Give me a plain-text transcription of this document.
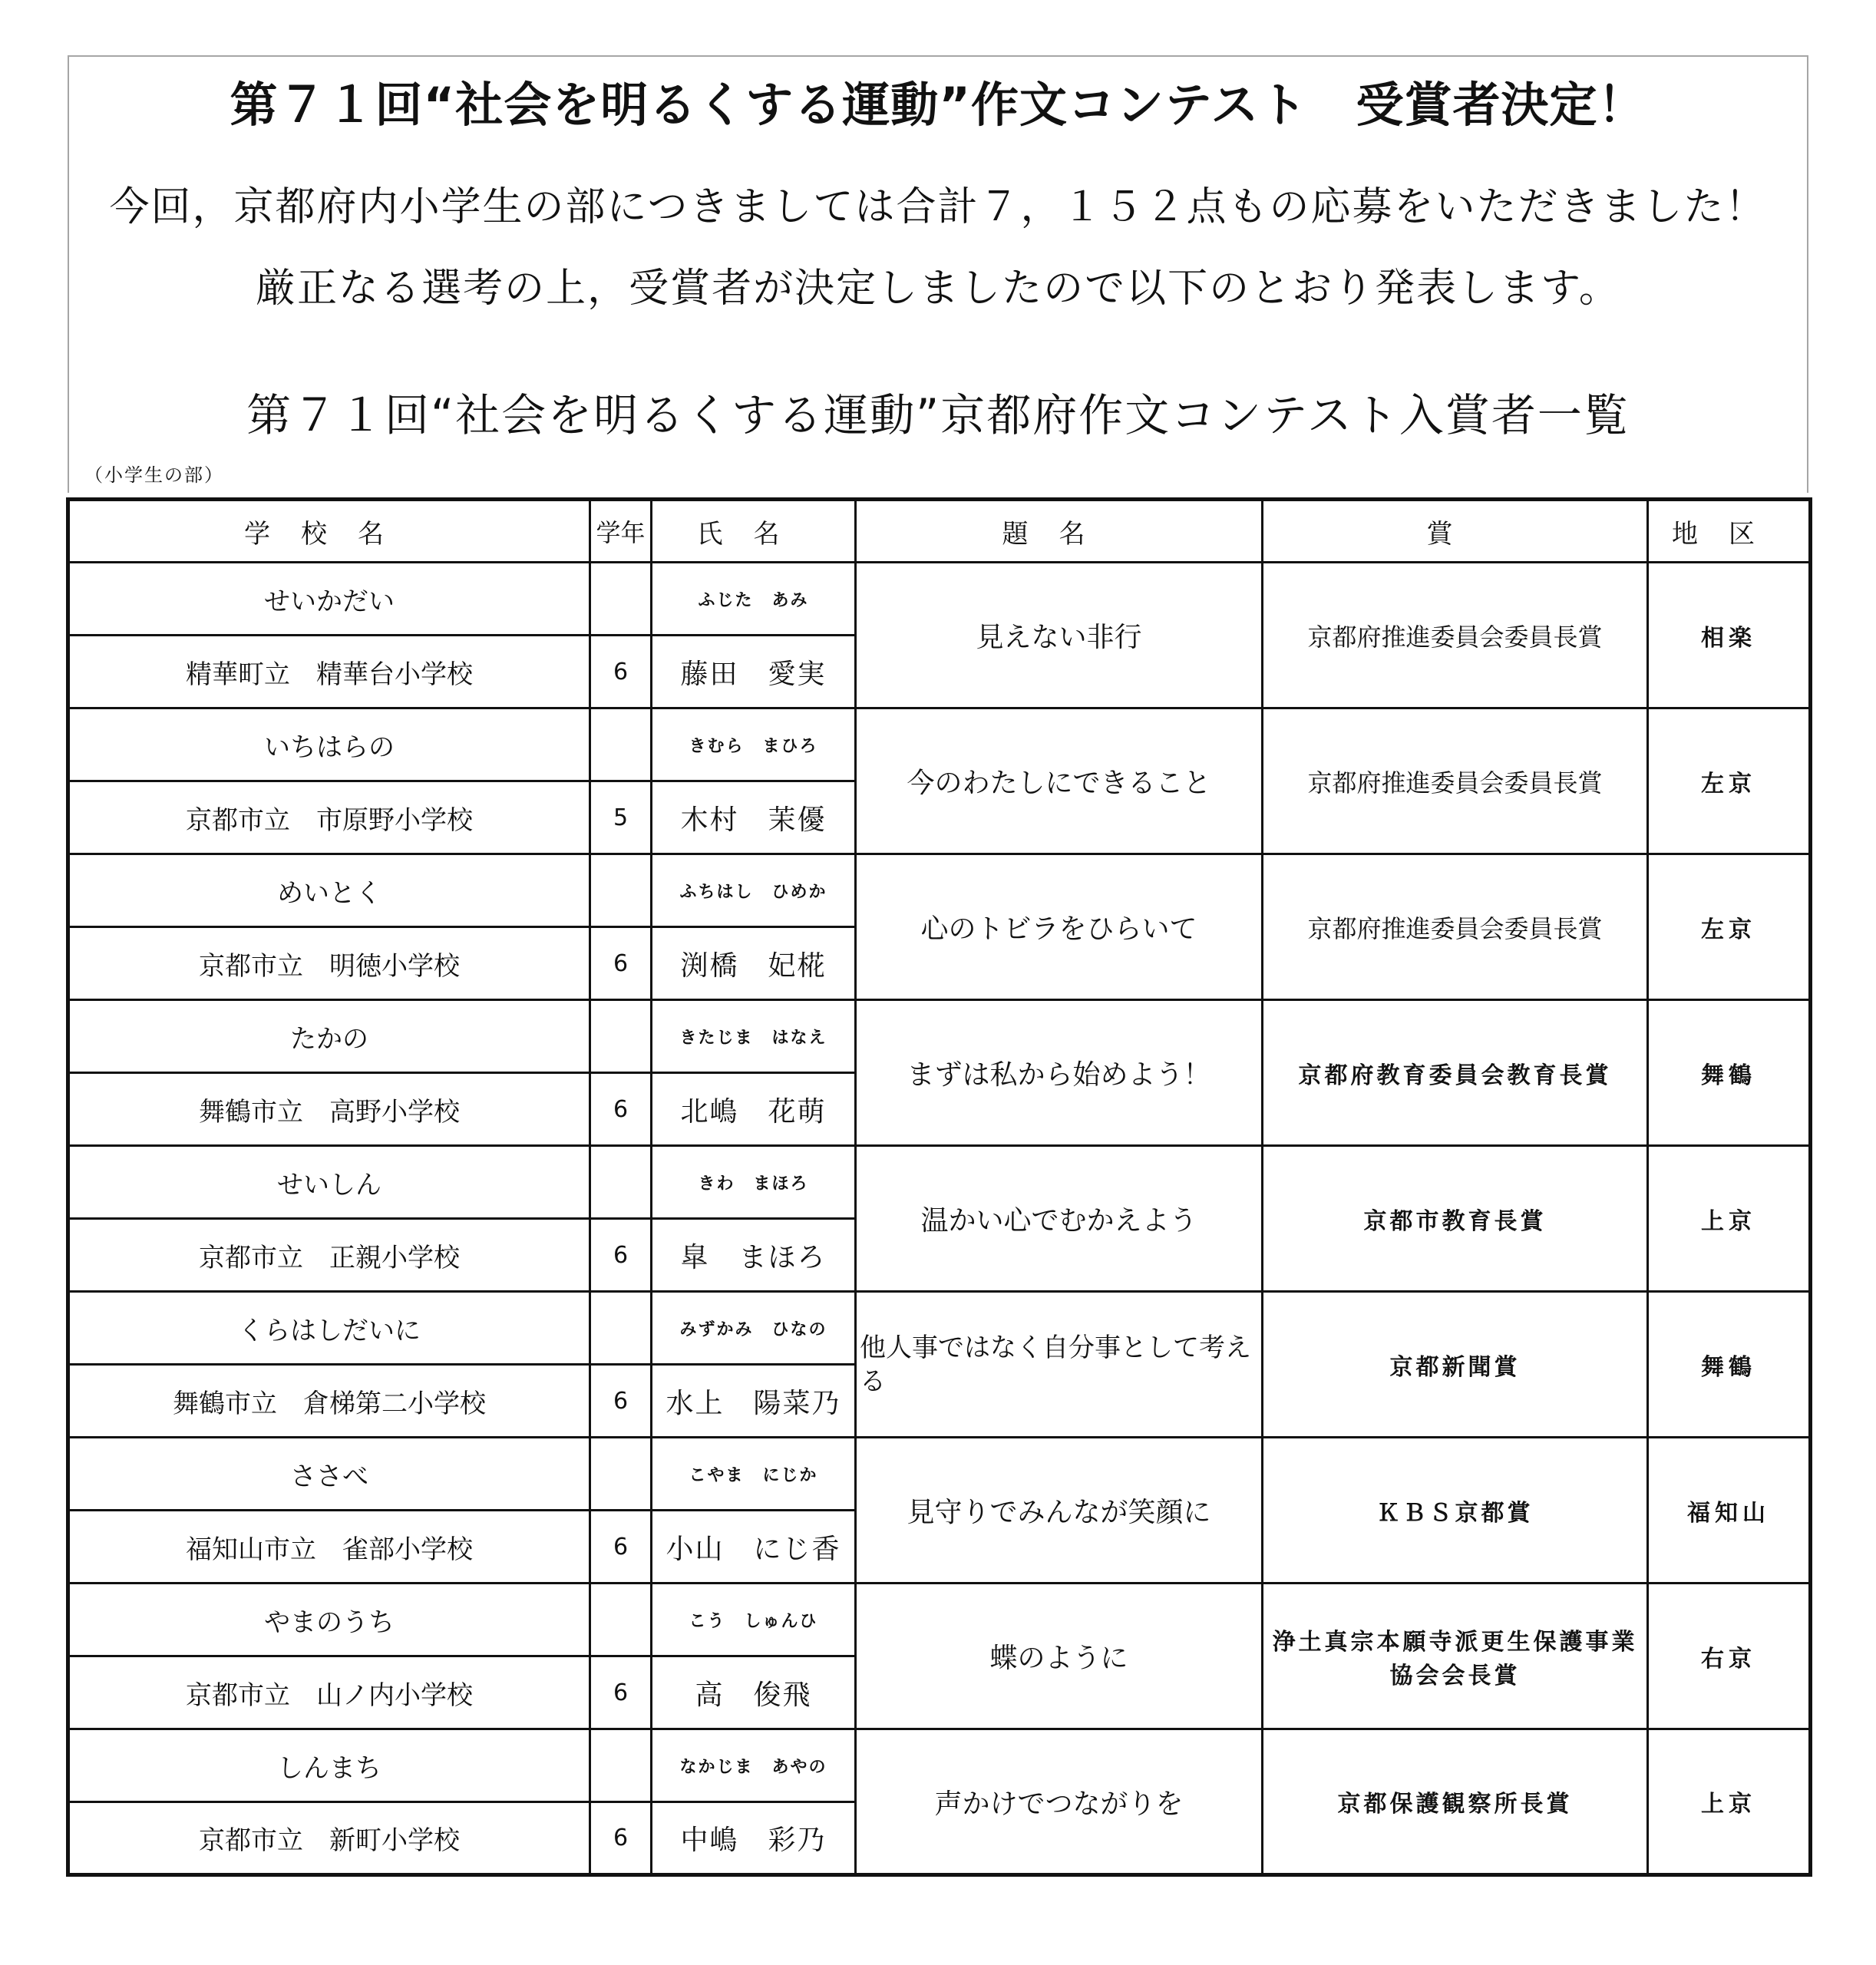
第７１回“社会を明るくする運動”作文コンテスト　受賞者決定！
今回，京都府内小学生の部につきましては合計７，１５２点もの応募をいただきました！
厳正なる選考の上，受賞者が決定しましたので以下のとおり発表します。
第７１回“社会を明るくする運動”京都府作文コンテスト入賞者一覧
（小学生の部）
学校名	学年	氏名	題名	賞	地区
せいかだい		ふじた　あみ	見えない非行	京都府推進委員会委員長賞	相楽
精華町立　精華台小学校	6	藤田　愛実			
いちはらの		きむら　まひろ	今のわたしにできること	京都府推進委員会委員長賞	左京
京都市立　市原野小学校	5	木村　茉優			
めいとく		ふちはし　ひめか	心のトビラをひらいて	京都府推進委員会委員長賞	左京
京都市立　明徳小学校	6	渕橋　妃椛			
たかの		きたじま　はなえ	まずは私から始めよう！	京都府教育委員会教育長賞	舞鶴
舞鶴市立　高野小学校	6	北嶋　花萌			
せいしん		きわ　まほろ	温かい心でむかえよう	京都市教育長賞	上京
京都市立　正親小学校	6	皐　まほろ			
くらはしだいに		みずかみ　ひなの	他人事ではなく自分事として考える	京都新聞賞	舞鶴
舞鶴市立　倉梯第二小学校	6	水上　陽菜乃			
ささべ		こやま　にじか	見守りでみんなが笑顔に	ＫＢＳ京都賞	福知山
福知山市立　雀部小学校	6	小山　にじ香			
やまのうち		こう　しゅんひ	蝶のように	浄土真宗本願寺派更生保護事業協会会長賞	右京
京都市立　山ノ内小学校	6	高　俊飛			
しんまち		なかじま　あやの	声かけでつながりを	京都保護観察所長賞	上京
京都市立　新町小学校	6	中嶋　彩乃			
